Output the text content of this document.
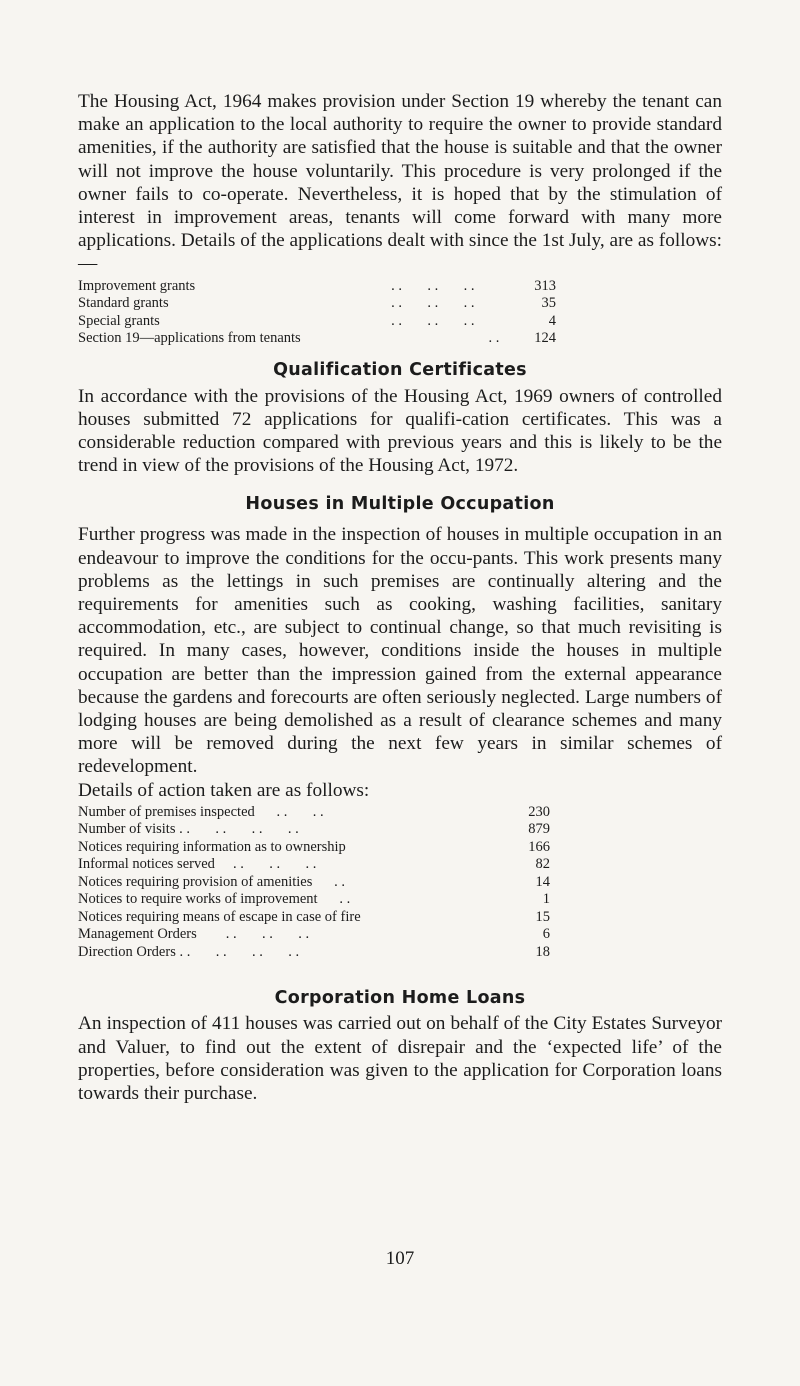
The Housing Act, 1964 makes provision under Section 19 whereby the tenant can make an application to the local authority to require the owner to provide standard amenities, if the authority are satisfied that the house is suitable and that the owner will not improve the house voluntarily. This procedure is very prolonged if the owner fails to co-operate. Nevertheless, it is hoped that by the stimulation of interest in improvement areas, tenants will come forward with many more applications. Details of the applications dealt with since the 1st July, are as follows:—

Improvement grants	. .       . .       . .	313
Standard grants	. .       . .       . .	35
Special grants	. .       . .       . .	4
Section 19—applications from tenants	. .	124
Qualification Certificates

In accordance with the provisions of the Housing Act, 1969 owners of controlled houses submitted 72 applications for qualifi-cation certificates. This was a considerable reduction compared with previous years and this is likely to be the trend in view of the provisions of the Housing Act, 1972.

Houses in Multiple Occupation

Further progress was made in the inspection of houses in multiple occupation in an endeavour to improve the conditions for the occu-pants. This work presents many problems as the lettings in such premises are continually altering and the requirements for amenities such as cooking, washing facilities, sanitary accommodation, etc., are subject to continual change, so that much revisiting is required. In many cases, however, conditions inside the houses in multiple occupation are better than the impression gained from the external appearance because the gardens and forecourts are often seriously neglected. Large numbers of lodging houses are being demolished as a result of clearance schemes and many more will be removed during the next few years in similar schemes of redevelopment.

Details of action taken are as follows:

Number of premises inspected      . .       . .	230
Number of visits . .       . .       . .       . .	879
Notices requiring information as to ownership	166
Informal notices served     . .       . .       . .	82
Notices requiring provision of amenities      . .	14
Notices to require works of improvement      . .	1
Notices requiring means of escape in case of fire	15
Management Orders        . .       . .       . .	6
Direction Orders . .       . .       . .       . .	18
Corporation Home Loans

An inspection of 411 houses was carried out on behalf of the City Estates Surveyor and Valuer, to find out the extent of disrepair and the ‘expected life’ of the properties, before consideration was given to the application for Corporation loans towards their purchase.

107
